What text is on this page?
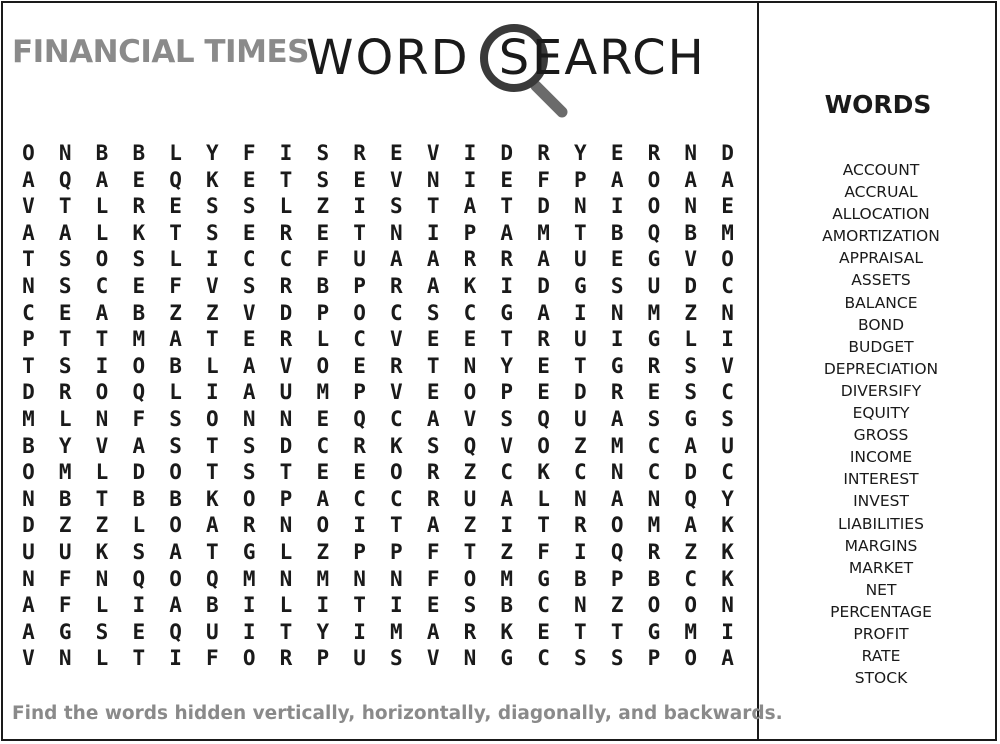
FINANCIAL TIMES
WORD S EARCH
O	N	B	B	L	Y	F	I	S	R	E	V	I	D	R	Y	E	R	N	D
A	Q	A	E	Q	K	E	T	S	E	V	N	I	E	F	P	A	O	A	A
V	T	L	R	E	S	S	L	Z	I	S	T	A	T	D	N	I	O	N	E
A	A	L	K	T	S	E	R	E	T	N	I	P	A	M	T	B	Q	B	M
T	S	O	S	L	I	C	C	F	U	A	A	R	R	A	U	E	G	V	O
N	S	C	E	F	V	S	R	B	P	R	A	K	I	D	G	S	U	D	C
C	E	A	B	Z	Z	V	D	P	O	C	S	C	G	A	I	N	M	Z	N
P	T	T	M	A	T	E	R	L	C	V	E	E	T	R	U	I	G	L	I
T	S	I	O	B	L	A	V	O	E	R	T	N	Y	E	T	G	R	S	V
D	R	O	Q	L	I	A	U	M	P	V	E	O	P	E	D	R	E	S	C
M	L	N	F	S	O	N	N	E	Q	C	A	V	S	Q	U	A	S	G	S
B	Y	V	A	S	T	S	D	C	R	K	S	Q	V	O	Z	M	C	A	U
O	M	L	D	O	T	S	T	E	E	O	R	Z	C	K	C	N	C	D	C
N	B	T	B	B	K	O	P	A	C	C	R	U	A	L	N	A	N	Q	Y
D	Z	Z	L	O	A	R	N	O	I	T	A	Z	I	T	R	O	M	A	K
U	U	K	S	A	T	G	L	Z	P	P	F	T	Z	F	I	Q	R	Z	K
N	F	N	Q	O	Q	M	N	M	N	N	F	O	M	G	B	P	B	C	K
A	F	L	I	A	B	I	L	I	T	I	E	S	B	C	N	Z	O	O	N
A	G	S	E	Q	U	I	T	Y	I	M	A	R	K	E	T	T	G	M	I
V	N	L	T	I	F	O	R	P	U	S	V	N	G	C	S	S	P	O	A
Find the words hidden vertically, horizontally, diagonally, and backwards.
WORDS
ACCOUNT
ACCRUAL
ALLOCATION
AMORTIZATION
APPRAISAL
ASSETS
BALANCE
BOND
BUDGET
DEPRECIATION
DIVERSIFY
EQUITY
GROSS
INCOME
INTEREST
INVEST
LIABILITIES
MARGINS
MARKET
NET
PERCENTAGE
PROFIT
RATE
STOCK
